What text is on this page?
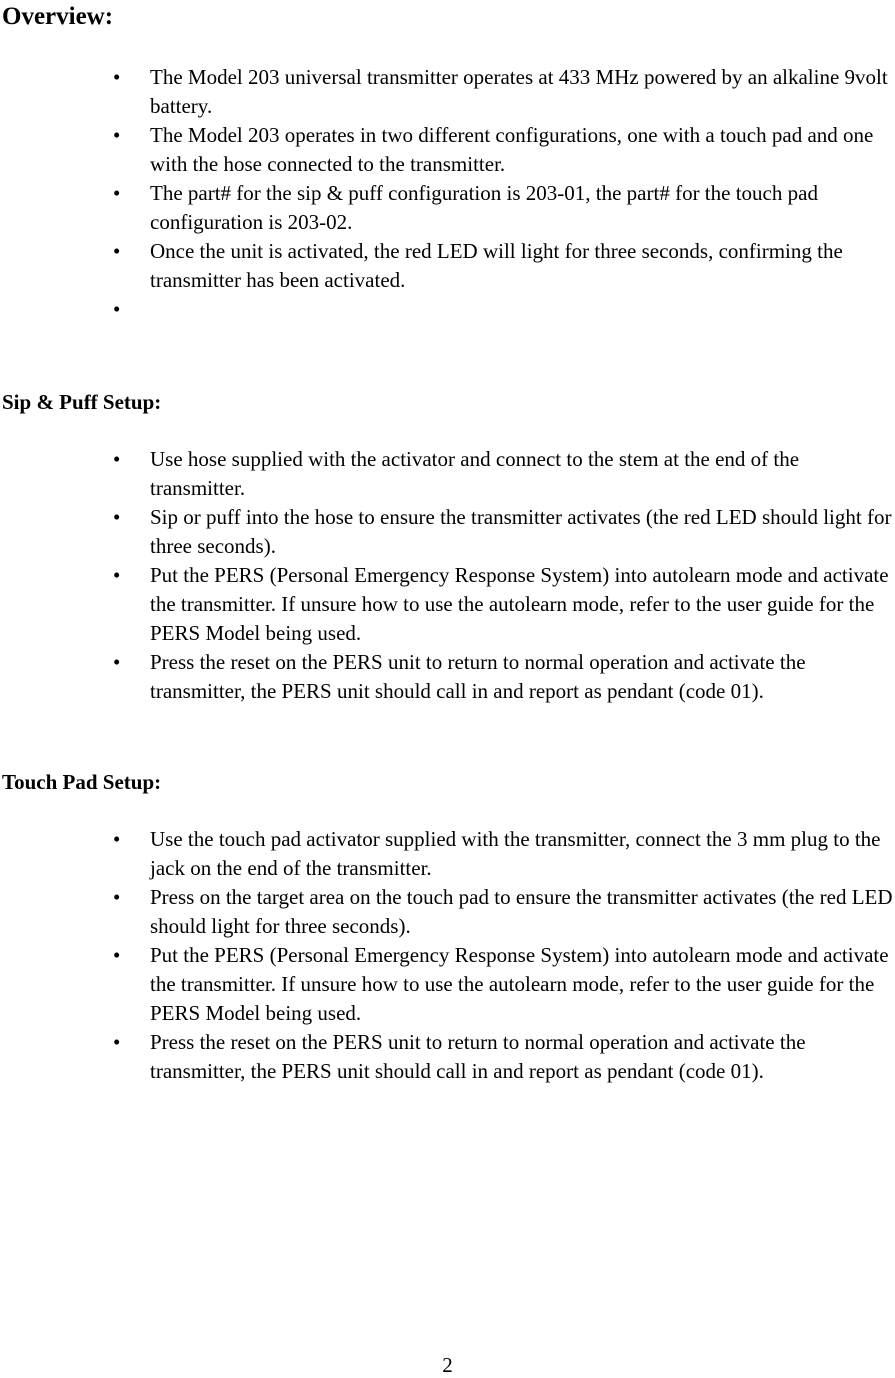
Overview:
• The Model 203 universal transmitter operates at 433 MHz powered by an alkaline 9volt battery.
• The Model 203 operates in two different configurations, one with a touch pad and one with the hose connected to the transmitter.
• The part# for the sip & puff configuration is 203-01, the part# for the touch pad configuration is 203-02.
• Once the unit is activated, the red LED will light for three seconds, confirming the transmitter has been activated.
•
Sip & Puff Setup:
• Use hose supplied with the activator and connect to the stem at the end of the transmitter.
• Sip or puff into the hose to ensure the transmitter activates (the red LED should light for three seconds).
• Put the PERS (Personal Emergency Response System) into autolearn mode and activate the transmitter. If unsure how to use the autolearn mode, refer to the user guide for the PERS Model being used.
• Press the reset on the PERS unit to return to normal operation and activate the transmitter, the PERS unit should call in and report as pendant (code 01).
Touch Pad Setup:
• Use the touch pad activator supplied with the transmitter, connect the 3 mm plug to the jack on the end of the transmitter.
• Press on the target area on the touch pad to ensure the transmitter activates (the red LED should light for three seconds).
• Put the PERS (Personal Emergency Response System) into autolearn mode and activate the transmitter. If unsure how to use the autolearn mode, refer to the user guide for the PERS Model being used.
• Press the reset on the PERS unit to return to normal operation and activate the transmitter, the PERS unit should call in and report as pendant (code 01).
2
